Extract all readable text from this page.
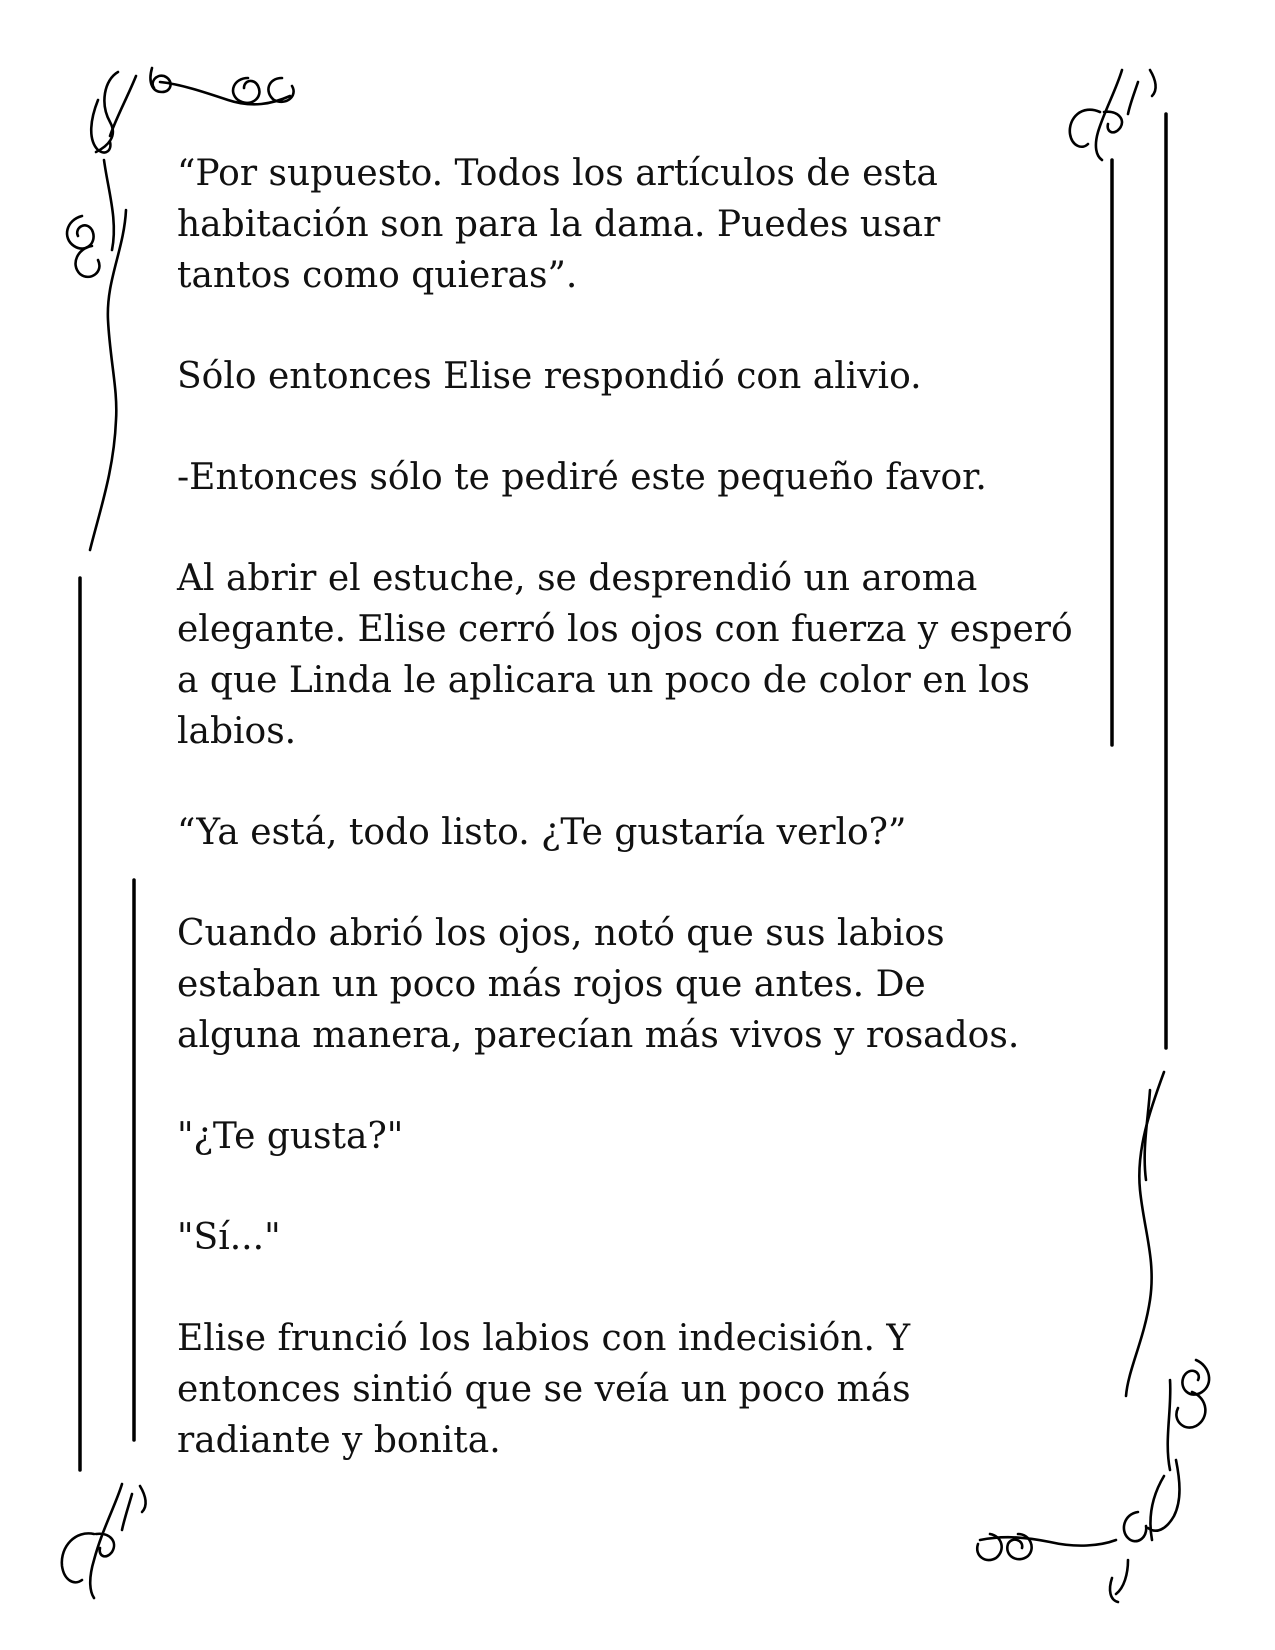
“Por supuesto. Todos los artículos de esta
habitación son para la dama. Puedes usar
tantos como quieras”.

Sólo entonces Elise respondió con alivio.

-Entonces sólo te pediré este pequeño favor.

Al abrir el estuche, se desprendió un aroma
elegante. Elise cerró los ojos con fuerza y esperó
a que Linda le aplicara un poco de color en los
labios.

“Ya está, todo listo. ¿Te gustaría verlo?”

Cuando abrió los ojos, notó que sus labios
estaban un poco más rojos que antes. De
alguna manera, parecían más vivos y rosados.

"¿Te gusta?"

"Sí..."

Elise frunció los labios con indecisión. Y
entonces sintió que se veía un poco más
radiante y bonita.
